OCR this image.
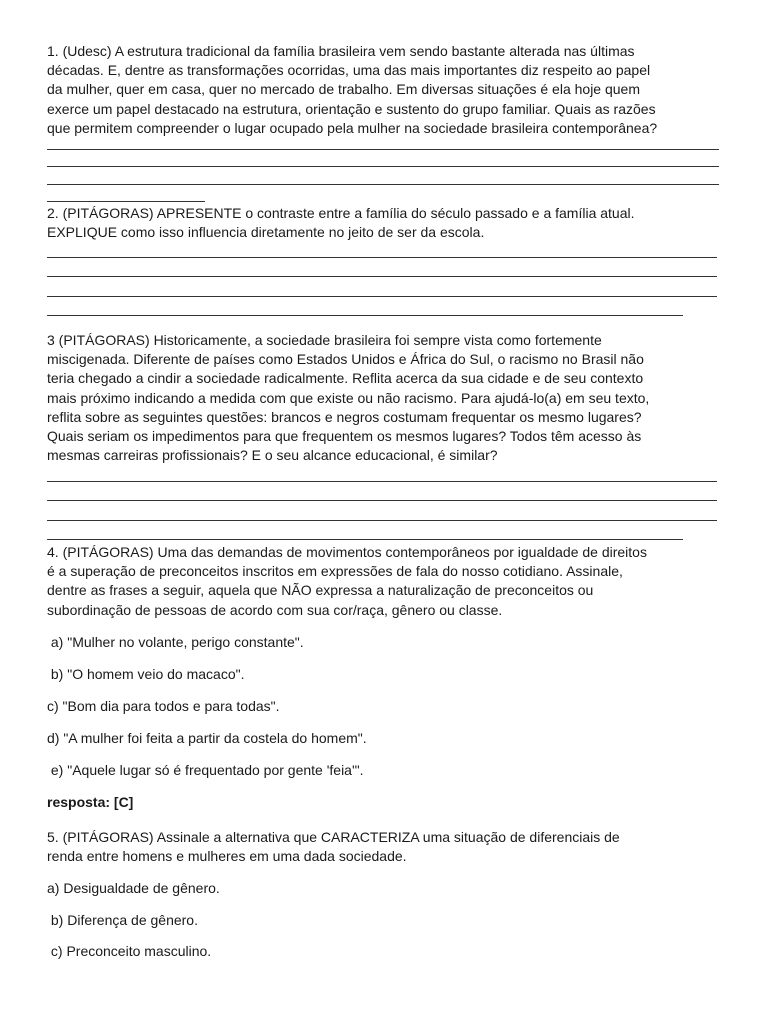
1. (Udesc) A estrutura tradicional da família brasileira vem sendo bastante alterada nas últimas
décadas. E, dentre as transformações ocorridas, uma das mais importantes diz respeito ao papel
da mulher, quer em casa, quer no mercado de trabalho. Em diversas situações é ela hoje quem
exerce um papel destacado na estrutura, orientação e sustento do grupo familiar. Quais as razões
que permitem compreender o lugar ocupado pela mulher na sociedade brasileira contemporânea?

2. (PITÁGORAS) APRESENTE o contraste entre a família do século passado e a família atual.
EXPLIQUE como isso influencia diretamente no jeito de ser da escola.

3 (PITÁGORAS) Historicamente, a sociedade brasileira foi sempre vista como fortemente
miscigenada. Diferente de países como Estados Unidos e África do Sul, o racismo no Brasil não
teria chegado a cindir a sociedade radicalmente. Reflita acerca da sua cidade e de seu contexto
mais próximo indicando a medida com que existe ou não racismo. Para ajudá-lo(a) em seu texto,
reflita sobre as seguintes questões: brancos e negros costumam frequentar os mesmo lugares?
Quais seriam os impedimentos para que frequentem os mesmos lugares? Todos têm acesso às
mesmas carreiras profissionais? E o seu alcance educacional, é similar?

4. (PITÁGORAS) Uma das demandas de movimentos contemporâneos por igualdade de direitos
é a superação de preconceitos inscritos em expressões de fala do nosso cotidiano. Assinale,
dentre as frases a seguir, aquela que NÃO expressa a naturalização de preconceitos ou
subordinação de pessoas de acordo com sua cor/raça, gênero ou classe.

a) "Mulher no volante, perigo constante".

b) "O homem veio do macaco".

c) "Bom dia para todos e para todas".

d) "A mulher foi feita a partir da costela do homem".

e) "Aquele lugar só é frequentado por gente 'feia'".

resposta: [C]

5. (PITÁGORAS) Assinale a alternativa que CARACTERIZA uma situação de diferenciais de
renda entre homens e mulheres em uma dada sociedade.

a) Desigualdade de gênero.

b) Diferença de gênero.

c) Preconceito masculino.
